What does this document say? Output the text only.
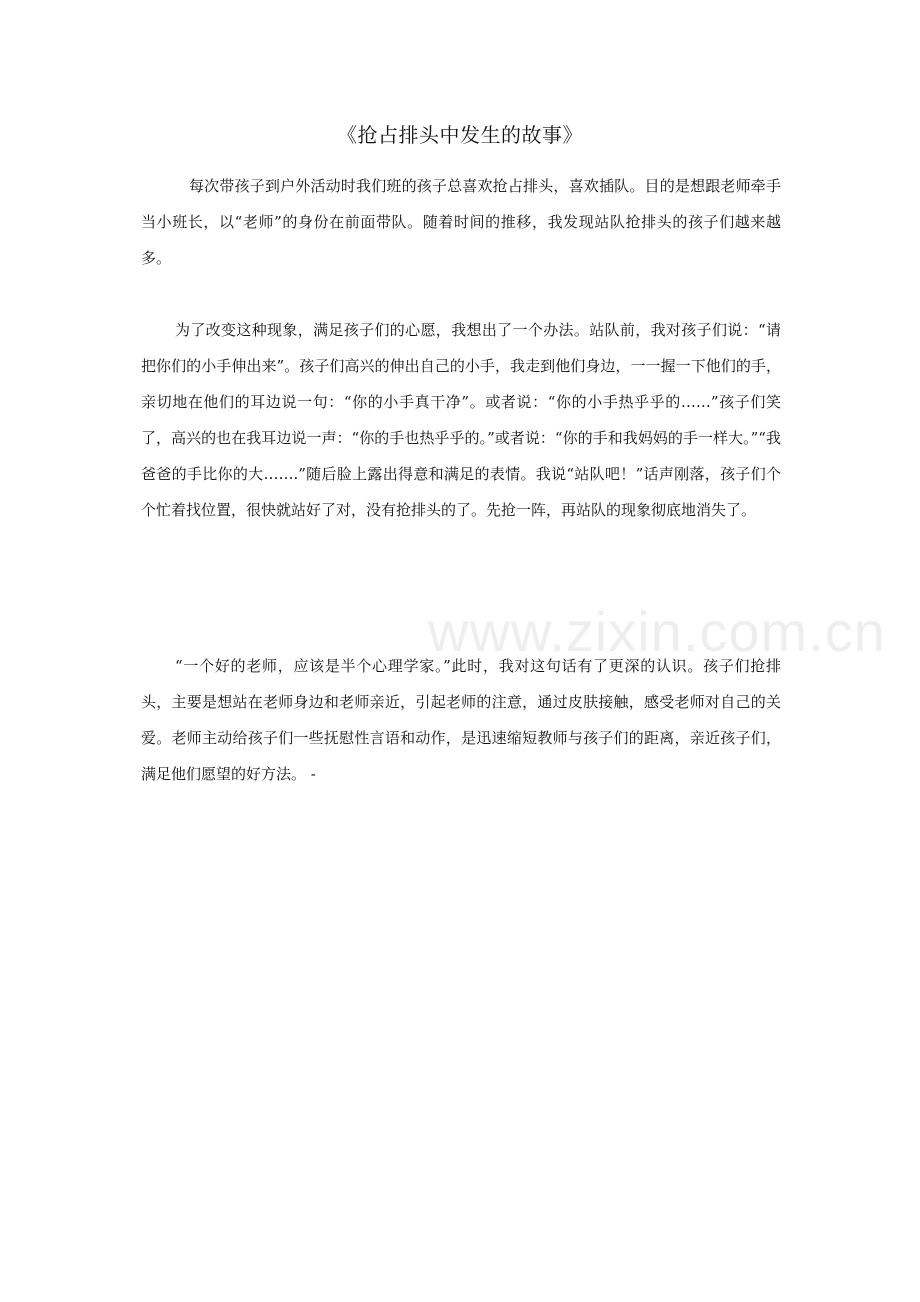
《抢占排头中发生的故事》

每次带孩子到户外活动时我们班的孩子总喜欢抢占排头，喜欢插队。目的是想跟老师牵手当小班长，以“老师”的身份在前面带队。随着时间的推移，我发现站队抢排头的孩子们越来越多。

为了改变这种现象，满足孩子们的心愿，我想出了一个办法。站队前，我对孩子们说：“请把你们的小手伸出来”。孩子们高兴的伸出自己的小手，我走到他们身边，一一握一下他们的手，亲切地在他们的耳边说一句：“你的小手真干净”。或者说：“你的小手热乎乎的……”孩子们笑了，高兴的也在我耳边说一声：“你的手也热乎乎的。”或者说：“你的手和我妈妈的手一样大。”“我爸爸的手比你的大…….”随后脸上露出得意和满足的表情。我说“站队吧！”话声刚落，孩子们个个忙着找位置，很快就站好了对，没有抢排头的了。先抢一阵，再站队的现象彻底地消失了。

“一个好的老师，应该是半个心理学家。”此时，我对这句话有了更深的认识。孩子们抢排头，主要是想站在老师身边和老师亲近，引起老师的注意，通过皮肤接触，感受老师对自己的关爱。老师主动给孩子们一些抚慰性言语和动作，是迅速缩短教师与孩子们的距离，亲近孩子们，满足他们愿望的好方法。 -

www.zixin.com.cn
